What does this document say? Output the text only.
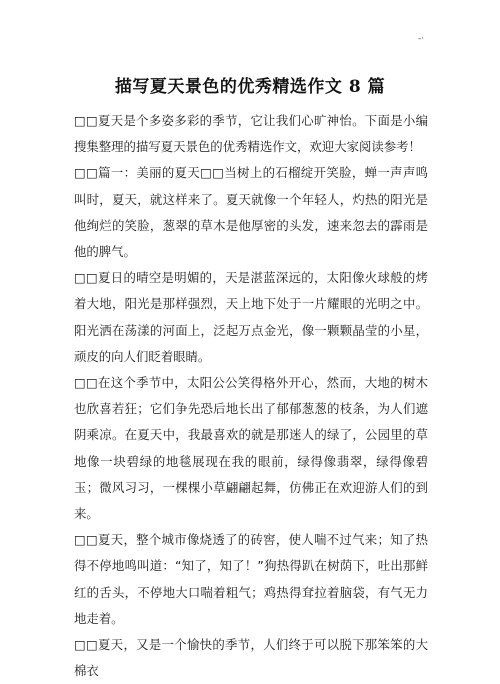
-·
描写夏天景色的优秀精选作文 8 篇

□□夏天是个多姿多彩的季节，它让我们心旷神怡。下面是小编搜集整理的描写夏天景色的优秀精选作文，欢迎大家阅读参考！

□□篇一：美丽的夏天□□当树上的石榴绽开笑脸，蝉一声声鸣叫时，夏天，就这样来了。夏天就像一个年轻人，灼热的阳光是他绚烂的笑脸，葱翠的草木是他厚密的头发，速来忽去的霹雨是他的脾气。

□□夏日的晴空是明媚的，天是湛蓝深远的，太阳像火球般的烤着大地，阳光是那样强烈，天上地下处于一片耀眼的光明之中。阳光洒在荡漾的河面上，泛起万点金光，像一颗颗晶莹的小星，顽皮的向人们眨着眼睛。

□□在这个季节中，太阳公公笑得格外开心，然而，大地的树木也欣喜若狂；它们争先恐后地长出了郁郁葱葱的枝条，为人们遮阴乘凉。在夏天中，我最喜欢的就是那迷人的绿了，公园里的草地像一块碧绿的地毯展现在我的眼前，绿得像翡翠，绿得像碧玉；微风习习，一棵棵小草翩翩起舞，仿佛正在欢迎游人们的到来。

□□夏天，整个城市像烧透了的砖窖，使人喘不过气来；知了热得不停地鸣叫道：“知了，知了！”狗热得趴在树荫下，吐出那鲜红的舌头，不停地大口喘着粗气；鸡热得耷拉着脑袋，有气无力地走着。

□□夏天，又是一个愉快的季节，人们终于可以脱下那笨笨的大棉衣
